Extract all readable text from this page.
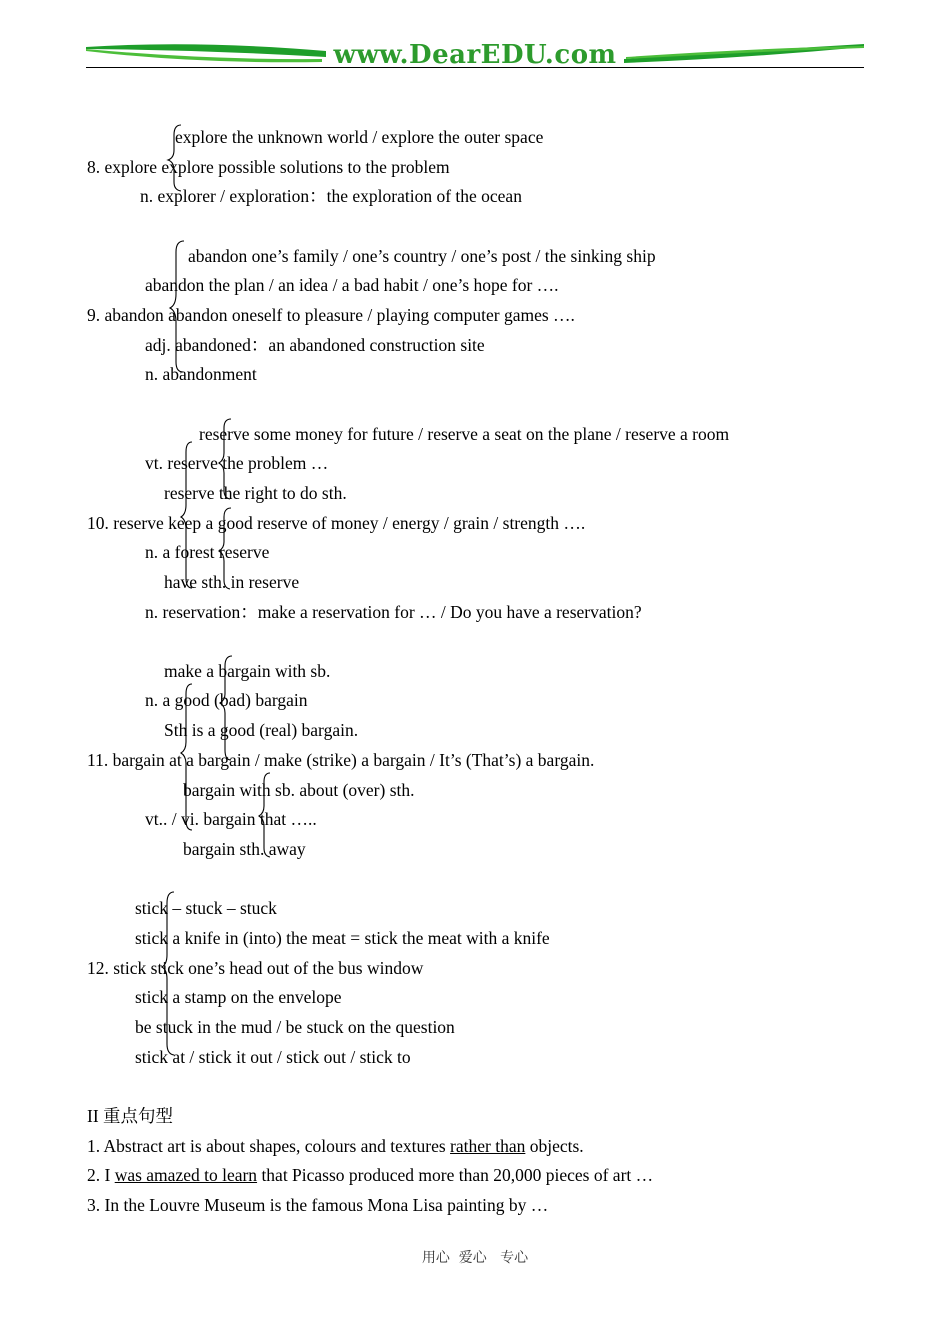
www.DearEDU.com
explore the unknown world / explore the outer space
8. explore explore possible solutions to the problem
n. explorer / exploration：the exploration of the ocean
abandon one’s family / one’s country / one’s post / the sinking ship
abandon the plan / an idea / a bad habit / one’s hope for ….
9. abandon abandon oneself to pleasure / playing computer games ….
adj. abandoned：an abandoned construction site
n. abandonment
reserve some money for future / reserve a seat on the plane / reserve a room
vt. reserve the problem …
reserve the right to do sth.
10. reserve keep a good reserve of money / energy / grain / strength ….
n. a forest reserve
have sth. in reserve
n. reservation：make a reservation for … / Do you have a reservation?
make a bargain with sb.
n. a good (bad) bargain
Sth is a good (real) bargain.
11. bargain at a bargain / make (strike) a bargain / It’s (That’s) a bargain.
bargain with sb. about (over) sth.
vt.. / vi. bargain that …..
bargain sth. away
stick – stuck – stuck
stick a knife in (into) the meat = stick the meat with a knife
12. stick stick one’s head out of the bus window
stick a stamp on the envelope
be stuck in the mud / be stuck on the question
stick at / stick it out / stick out / stick to
II 重点句型
1. Abstract art is about shapes, colours and textures rather than objects.
2. I was amazed to learn that Picasso produced more than 20,000 pieces of art …
3. In the Louvre Museum is the famous Mona Lisa painting by …
用心  爱心   专心
